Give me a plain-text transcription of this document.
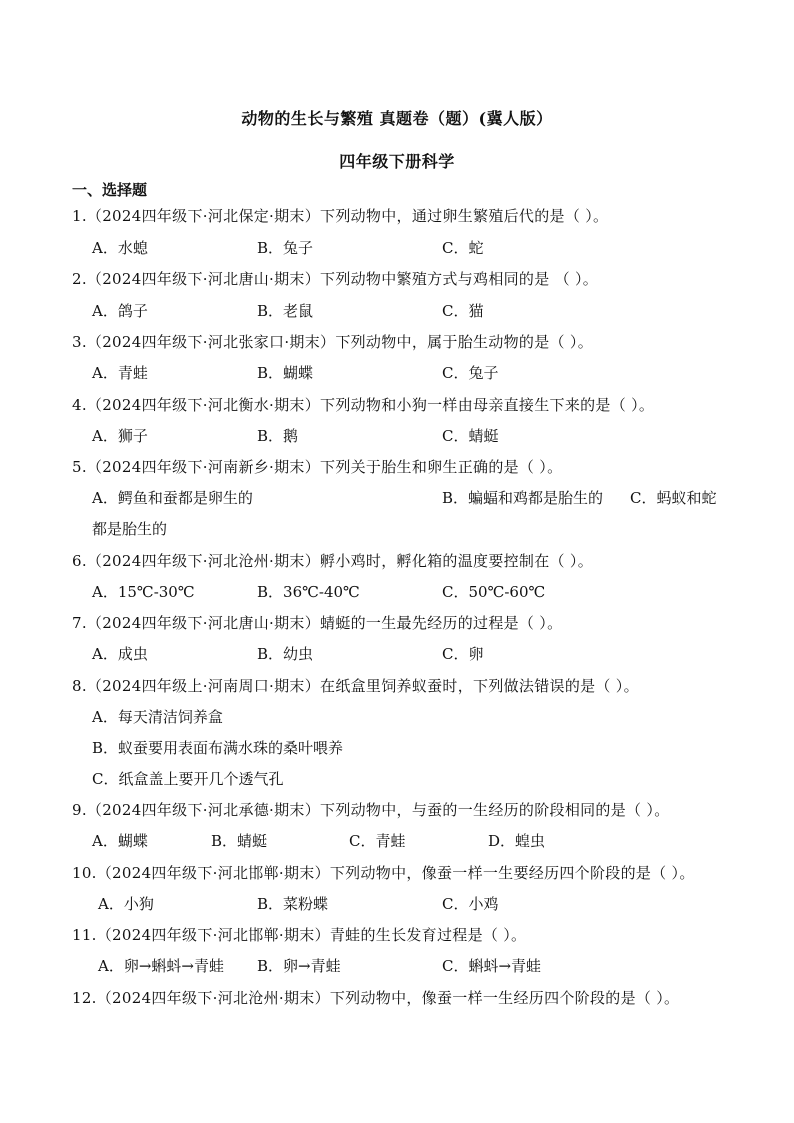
动物的生长与繁殖 真题卷（题）(冀人版）
四年级下册科学
一、选择题
1.（2024四年级下·河北保定·期末）下列动物中，通过卵生繁殖后代的是（ ）。
A．水螅	B．兔子	C．蛇
2.（2024四年级下·河北唐山·期末）下列动物中繁殖方式与鸡相同的是 （ ）。
A．鸽子	B．老鼠	C．猫
3.（2024四年级下·河北张家口·期末）下列动物中，属于胎生动物的是（ ）。
A．青蛙	B．蝴蝶	C．兔子
4.（2024四年级下·河北衡水·期末）下列动物和小狗一样由母亲直接生下来的是（ ）。
A．狮子	B．鹅	C．蜻蜓
5.（2024四年级下·河南新乡·期末）下列关于胎生和卵生正确的是（ ）。
A．鳄鱼和蚕都是卵生的	B．蝙蝠和鸡都是胎生的 C．蚂蚁和蛇
都是胎生的
6.（2024四年级下·河北沧州·期末）孵小鸡时，孵化箱的温度要控制在（ ）。
A．15℃-30℃	B．36℃-40℃	C．50℃-60℃
7.（2024四年级下·河北唐山·期末）蜻蜓的一生最先经历的过程是（ ）。
A．成虫	B．幼虫	C．卵
8.（2024四年级上·河南周口·期末）在纸盒里饲养蚁蚕时，下列做法错误的是（ ）。
A．每天清洁饲养盒
B．蚁蚕要用表面布满水珠的桑叶喂养
C．纸盒盖上要开几个透气孔
9.（2024四年级下·河北承德·期末）下列动物中，与蚕的一生经历的阶段相同的是（ ）。
A．蝴蝶	B．蜻蜓	C．青蛙	D．蝗虫
10.（2024四年级下·河北邯郸·期末）下列动物中，像蚕一样一生要经历四个阶段的是（ ）。
A．小狗	B．菜粉蝶	C．小鸡
11.（2024四年级下·河北邯郸·期末）青蛙的生长发育过程是（ ）。
A．卵→蝌蚪→青蛙 B．卵→青蛙	C．蝌蚪→青蛙
12.（2024四年级下·河北沧州·期末）下列动物中，像蚕一样一生经历四个阶段的是（ ）。
